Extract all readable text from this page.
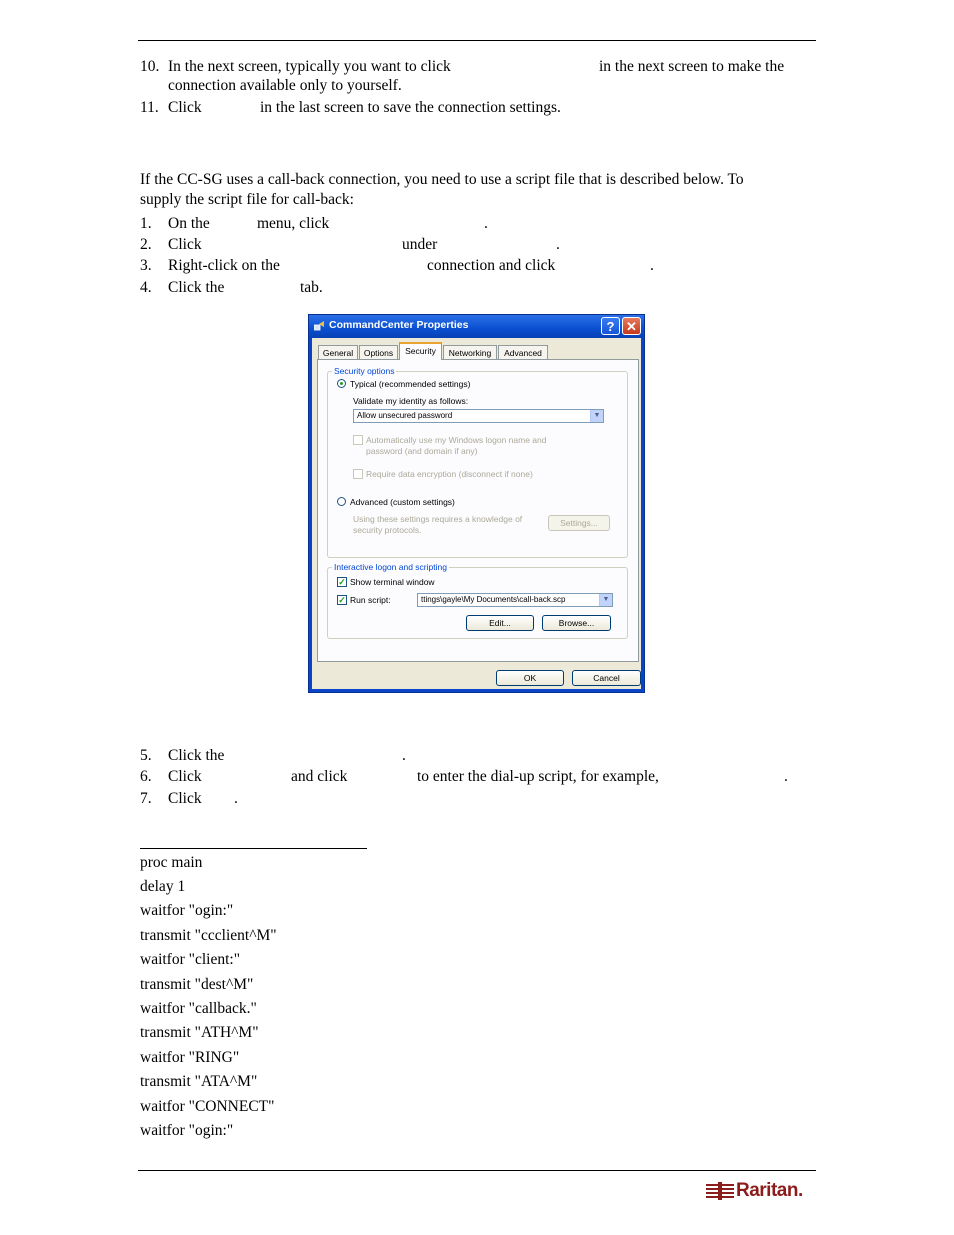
10. In the next screen, typically you want to click	in the next screen to make the
connection available only to yourself.
11. Click	in the last screen to save the connection settings.
If the CC-SG uses a call-back connection, you need to use a script file that is described below. To
supply the script file for call-back:
1. On the	menu, click	.
2. Click	under	.
3. Right-click on the	connection and click	.
4. Click the	tab.
CommandCenter Properties	? ✕
General	Options	Security	Networking	Advanced
Security options
Typical (recommended settings)
Validate my identity as follows:
Allow unsecured password	▼
Automatically use my Windows logon name and
password (and domain if any)
Require data encryption (disconnect if none)
Advanced (custom settings)
Using these settings requires a knowledge of
security protocols.
Settings...
Interactive logon and scripting
✓ Show terminal window
✓ Run script:	ttings\gayle\My Documents\call-back.scp	▼
Edit...	Browse...
OK	Cancel
5. Click the	.
6. Click	and click	to enter the dial-up script, for example,	.
7. Click .
proc main
delay 1
waitfor "ogin:"
transmit "ccclient^M"
waitfor "client:"
transmit "dest^M"
waitfor "callback."
transmit "ATH^M"
waitfor "RING"
transmit "ATA^M"
waitfor "CONNECT"
waitfor "ogin:"
Raritan.
